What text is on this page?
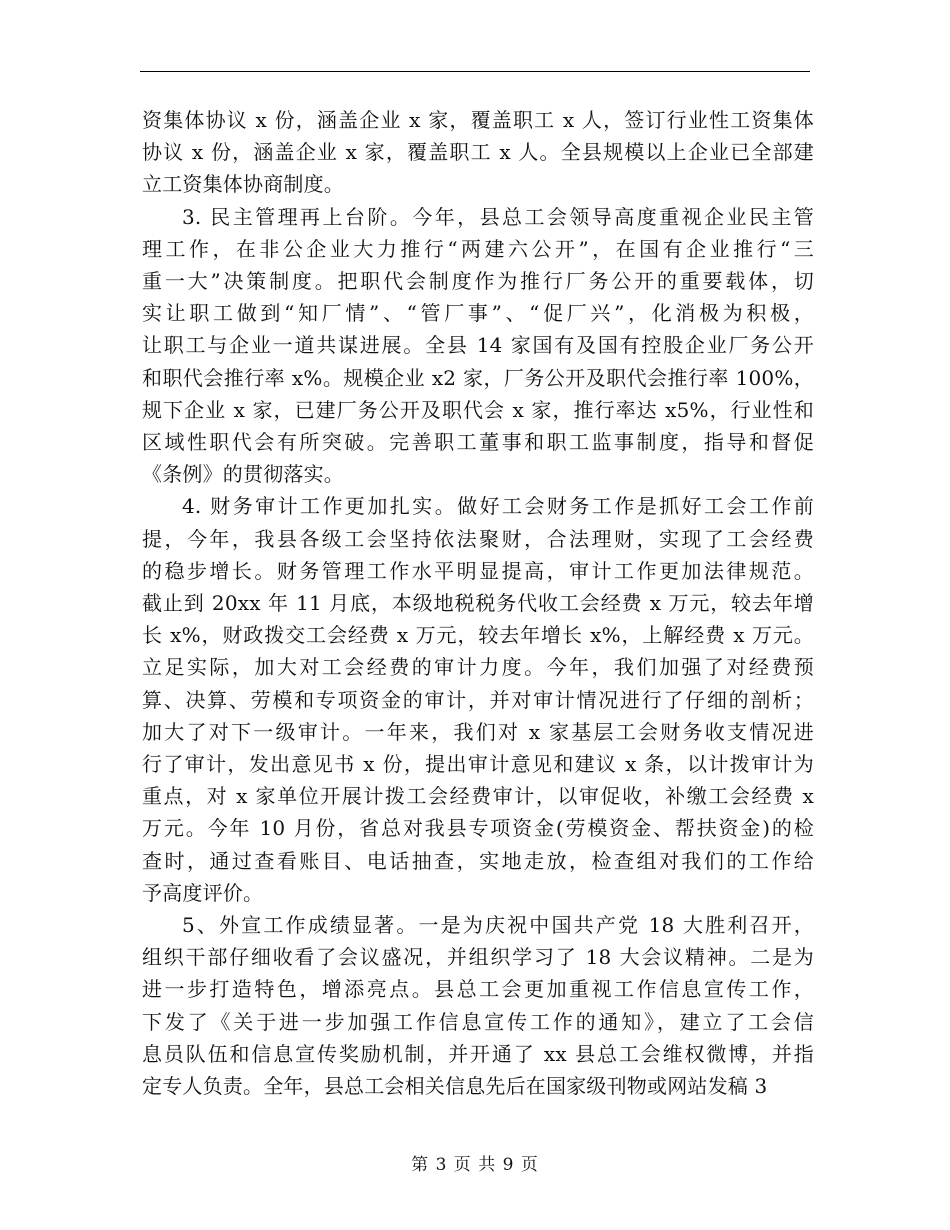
资集体协议 x 份，涵盖企业 x 家，覆盖职工 x 人，签订行业性工资集体
协议 x 份，涵盖企业 x 家，覆盖职工 x 人。全县规模以上企业已全部建
立工资集体协商制度。
3. 民主管理再上台阶。今年，县总工会领导高度重视企业民主管
理工作，在非公企业大力推行“两建六公开”，在国有企业推行“三
重一大”决策制度。把职代会制度作为推行厂务公开的重要载体，切
实让职工做到“知厂情”、“管厂事”、“促厂兴”，化消极为积极，
让职工与企业一道共谋进展。全县 14 家国有及国有控股企业厂务公开
和职代会推行率 x%。规模企业 x2 家，厂务公开及职代会推行率 100%，
规下企业 x 家，已建厂务公开及职代会 x 家，推行率达 x5%，行业性和
区域性职代会有所突破。完善职工董事和职工监事制度，指导和督促
《条例》的贯彻落实。
4. 财务审计工作更加扎实。做好工会财务工作是抓好工会工作前
提，今年，我县各级工会坚持依法聚财，合法理财，实现了工会经费
的稳步增长。财务管理工作水平明显提高，审计工作更加法律规范。
截止到 20xx 年 11 月底，本级地税税务代收工会经费 x 万元，较去年增
长 x%，财政拨交工会经费 x 万元，较去年增长 x%，上解经费 x 万元。
立足实际，加大对工会经费的审计力度。今年，我们加强了对经费预
算、决算、劳模和专项资金的审计，并对审计情况进行了仔细的剖析；
加大了对下一级审计。一年来，我们对 x 家基层工会财务收支情况进
行了审计，发出意见书 x 份，提出审计意见和建议 x 条，以计拨审计为
重点，对 x 家单位开展计拨工会经费审计，以审促收，补缴工会经费 x
万元。今年 10 月份，省总对我县专项资金(劳模资金、帮扶资金)的检
查时，通过查看账目、电话抽查，实地走放，检查组对我们的工作给
予高度评价。
5、外宣工作成绩显著。一是为庆祝中国共产党 18 大胜利召开，
组织干部仔细收看了会议盛况，并组织学习了 18 大会议精神。二是为
进一步打造特色，增添亮点。县总工会更加重视工作信息宣传工作，
下发了《关于进一步加强工作信息宣传工作的通知》，建立了工会信
息员队伍和信息宣传奖励机制，并开通了 xx 县总工会维权微博，并指
定专人负责。全年，县总工会相关信息先后在国家级刊物或网站发稿 3
第 3 页 共 9 页
